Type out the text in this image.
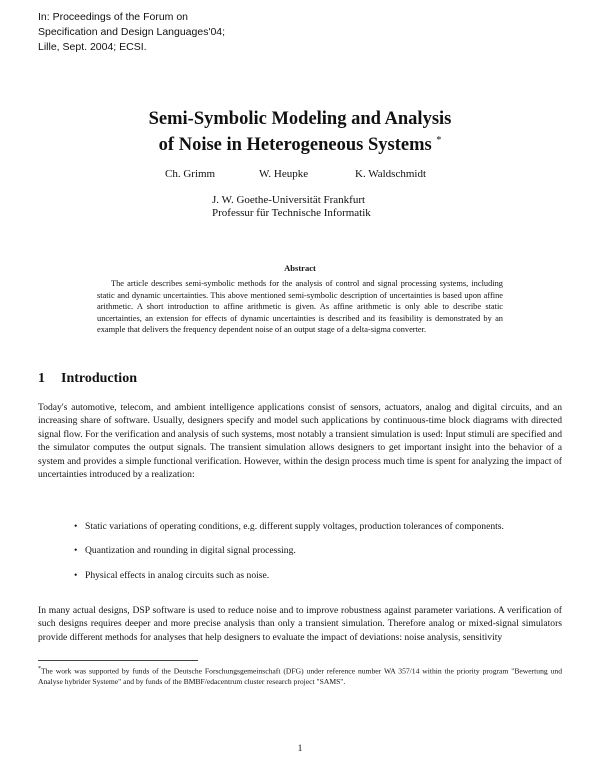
In: Proceedings of the Forum on
Specification and Design Languages'04;
Lille, Sept. 2004; ECSI.
Semi-Symbolic Modeling and Analysis
of Noise in Heterogeneous Systems *
Ch. Grimm	W. Heupke	K. Waldschmidt
J. W. Goethe-Universität Frankfurt
Professur für Technische Informatik
Abstract
The article describes semi-symbolic methods for the analysis of control and signal processing systems, including static and dynamic uncertainties. This above mentioned semi-symbolic description of uncertainties is based upon affine arithmetic. A short introduction to affine arithmetic is given. As affine arithmetic is only able to describe static uncertainties, an extension for effects of dynamic uncertainties is described and its feasibility is demonstrated by an example that delivers the frequency dependent noise of an output stage of a delta-sigma converter.
1 Introduction
Today's automotive, telecom, and ambient intelligence applications consist of sensors, actuators, analog and digital circuits, and an increasing share of software. Usually, designers specify and model such applications by continuous-time block diagrams with directed signal flow. For the verification and analysis of such systems, most notably a transient simulation is used: Input stimuli are specified and the simulator computes the output signals. The transient simulation allows designers to get important insight into the behavior of a system and provides a simple functional verification. However, within the design process much time is spent for analyzing the impact of uncertainties introduced by a realization:
• Static variations of operating conditions, e.g. different supply voltages, production tolerances of components.
• Quantization and rounding in digital signal processing.
• Physical effects in analog circuits such as noise.
In many actual designs, DSP software is used to reduce noise and to improve robustness against parameter variations. A verification of such designs requires deeper and more precise analysis than only a transient simulation. Therefore analog or mixed-signal simulators provide different methods for analyses that help designers to evaluate the impact of deviations: noise analysis, sensitivity
*The work was supported by funds of the Deutsche Forschungsgemeinschaft (DFG) under reference number WA 357/14 within the priority program "Bewertung und Analyse hybrider Systeme" and by funds of the BMBF/edacentrum cluster research project "SAMS".
1
